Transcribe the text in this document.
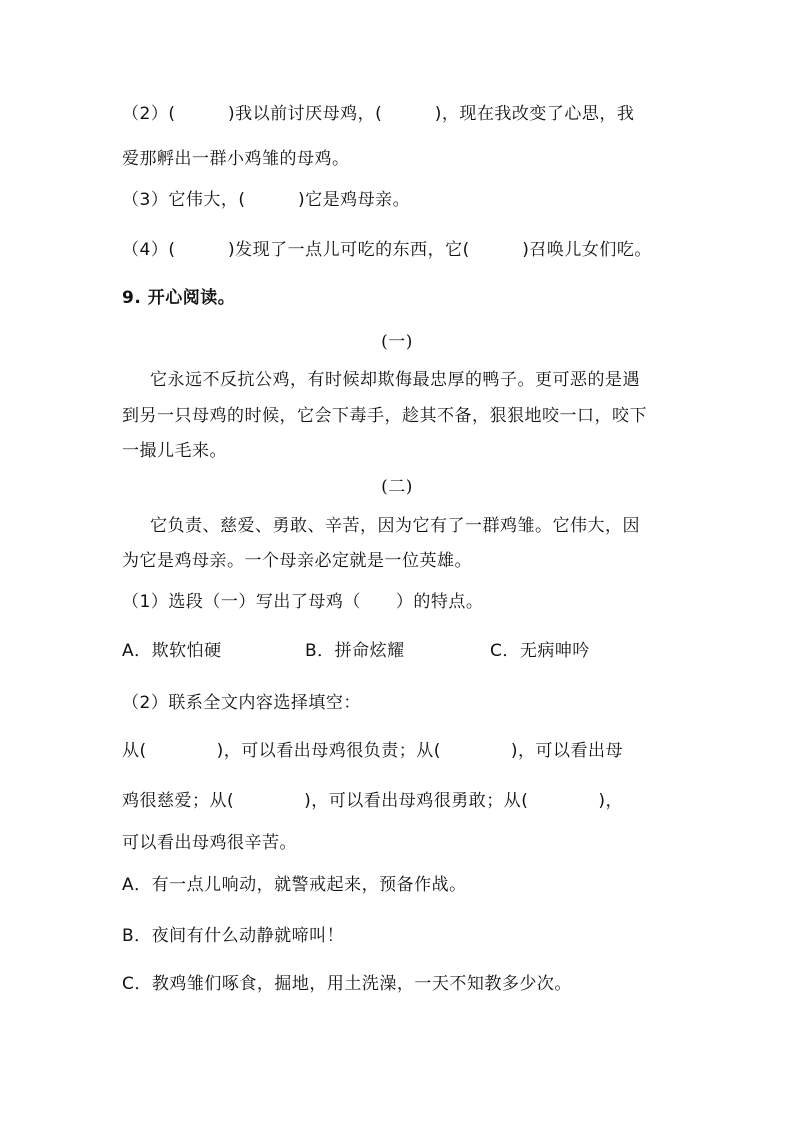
（2）(　　　)我以前讨厌母鸡，(　　　)，现在我改变了心思，我
爱那孵出一群小鸡雏的母鸡。
（3）它伟大，(　　　)它是鸡母亲。
（4）(　　　)发现了一点儿可吃的东西，它(　　　)召唤儿女们吃。
9. 开心阅读。
(一)
它永远不反抗公鸡，有时候却欺侮最忠厚的鸭子。更可恶的是遇
到另一只母鸡的时候，它会下毒手，趁其不备，狠狠地咬一口，咬下
一撮儿毛来。
(二)
它负责、慈爱、勇敢、辛苦，因为它有了一群鸡雏。它伟大，因
为它是鸡母亲。一个母亲必定就是一位英雄。
（1）选段（一）写出了母鸡（　　）的特点。
A．欺软怕硬	B．拼命炫耀	C．无病呻吟
（2）联系全文内容选择填空：
从(　　　　)，可以看出母鸡很负责；从(　　　　)，可以看出母
鸡很慈爱；从(　　　　)，可以看出母鸡很勇敢；从(　　　　)，
可以看出母鸡很辛苦。
A．有一点儿响动，就警戒起来，预备作战。
B．夜间有什么动静就啼叫！
C．教鸡雏们啄食，掘地，用土洗澡，一天不知教多少次。
